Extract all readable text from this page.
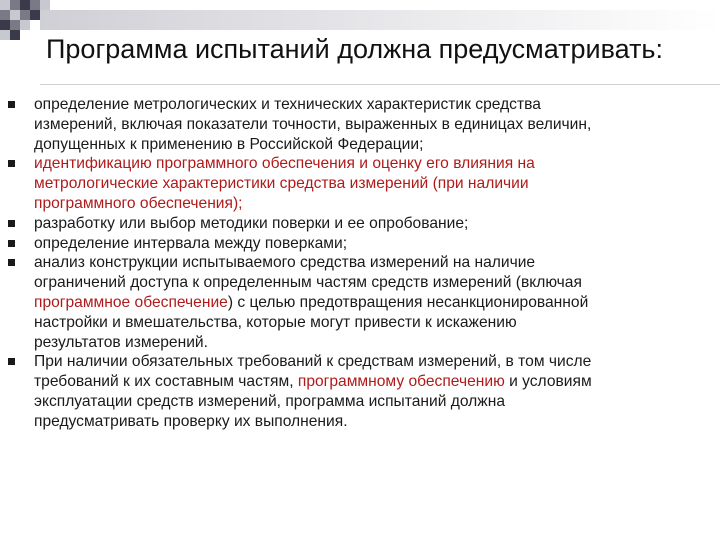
Программа испытаний должна предусматривать:
определение метрологических и технических характеристик средства
измерений, включая показатели точности, выраженных в единицах величин,
допущенных к применению в Российской Федерации;
идентификацию программного обеспечения и оценку его влияния на
метрологические характеристики средства измерений (при наличии
программного обеспечения);
разработку или выбор методики поверки и ее опробование;
определение интервала между поверками;
анализ конструкции испытываемого средства измерений на наличие
ограничений доступа к определенным частям средств измерений (включая
программное обеспечение) с целью предотвращения несанкционированной
настройки и вмешательства, которые могут привести к искажению
результатов измерений.
При наличии обязательных требований к средствам измерений, в том числе
требований к их составным частям, программному обеспечению и условиям
эксплуатации средств измерений, программа испытаний должна
предусматривать проверку их выполнения.
